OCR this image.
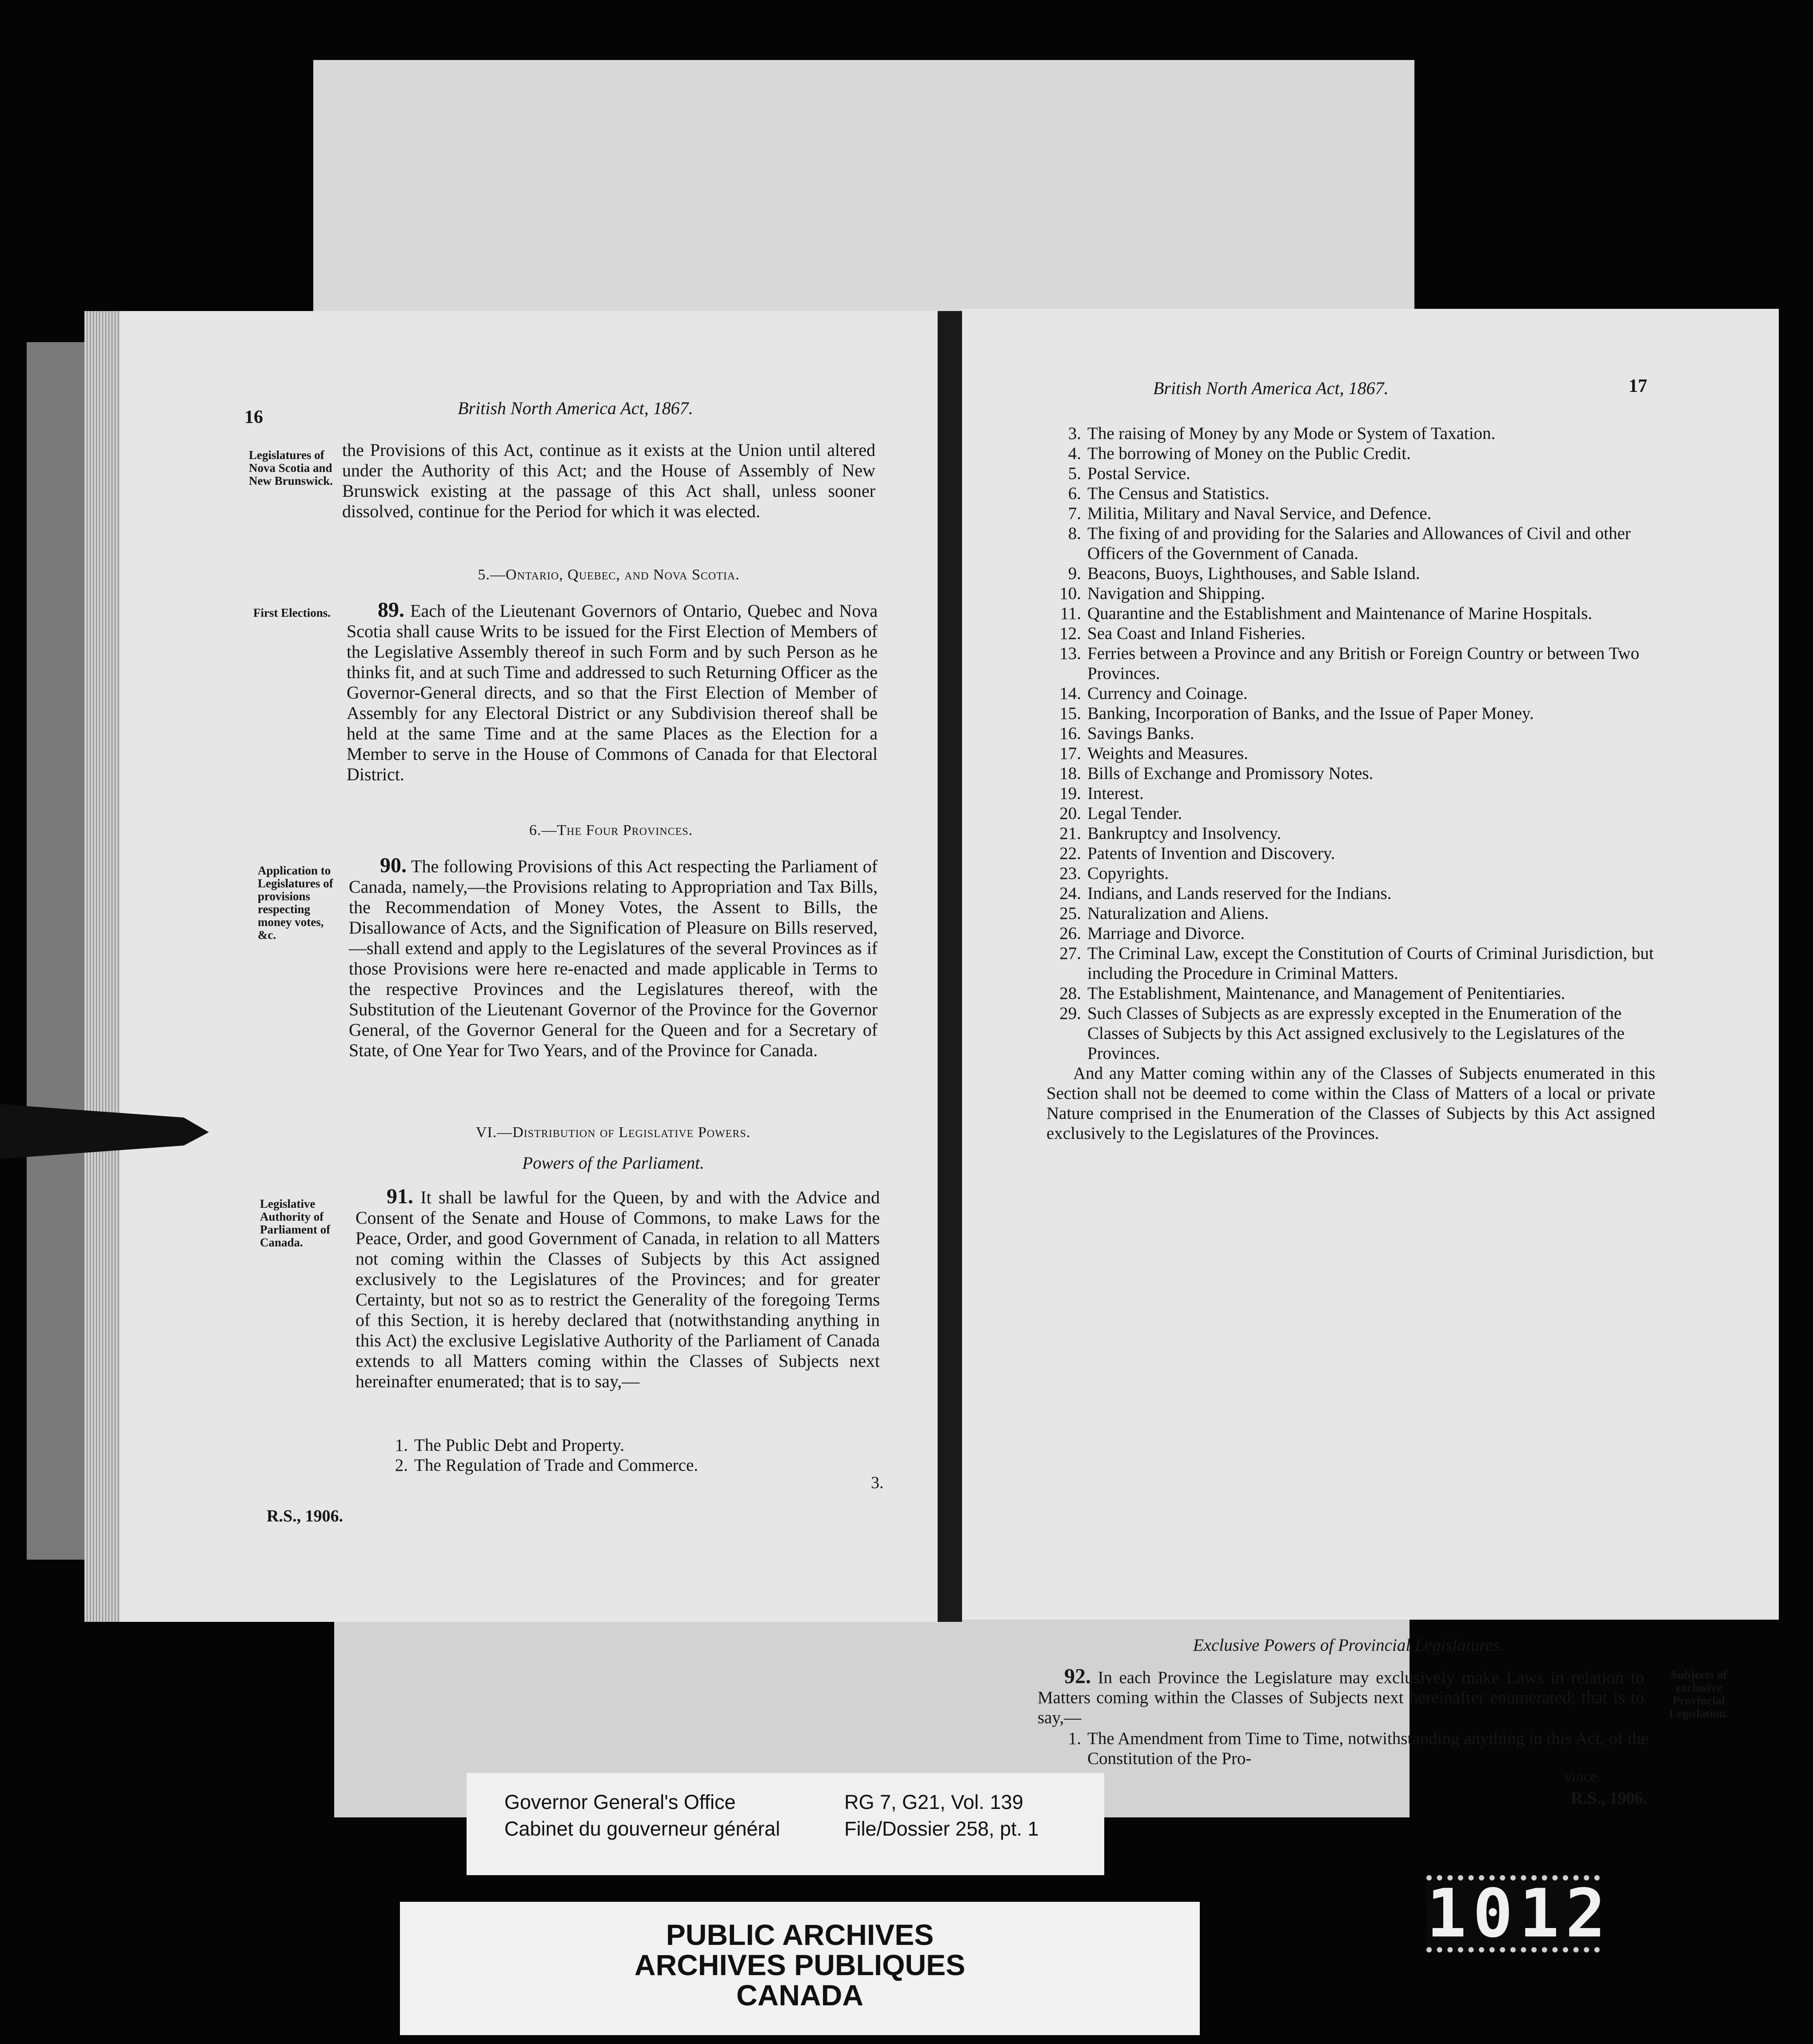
16	British North America Act, 1867.
Legislatures of Nova Scotia and New Brunswick.
the Provisions of this Act, continue as it exists at the Union until altered under the Authority of this Act; and the House of Assembly of New Brunswick existing at the passage of this Act shall, unless sooner dissolved, continue for the Period for which it was elected.
5.—Ontario, Quebec, and Nova Scotia.
First Elections.	89. Each of the Lieutenant Governors of Ontario, Quebec and Nova Scotia shall cause Writs to be issued for the First Election of Members of the Legislative Assembly thereof in such Form and by such Person as he thinks fit, and at such Time and addressed to such Returning Officer as the Governor-General directs, and so that the First Election of Member of Assembly for any Electoral District or any Subdivision thereof shall be held at the same Time and at the same Places as the Election for a Member to serve in the House of Commons of Canada for that Electoral District.
6.—The Four Provinces.
Application to Legislatures of provisions respecting money votes, &c.
90. The following Provisions of this Act respecting the Parliament of Canada, namely,—the Provisions relating to Appropriation and Tax Bills, the Recommendation of Money Votes, the Assent to Bills, the Disallowance of Acts, and the Signification of Pleasure on Bills reserved,—shall extend and apply to the Legislatures of the several Provinces as if those Provisions were here re-enacted and made applicable in Terms to the respective Provinces and the Legislatures thereof, with the Substitution of the Lieutenant Governor of the Province for the Governor General, of the Governor General for the Queen and for a Secretary of State, of One Year for Two Years, and of the Province for Canada.
VI.—Distribution of Legislative Powers.
Powers of the Parliament.
Legislative Authority of Parliament of Canada.
91. It shall be lawful for the Queen, by and with the Advice and Consent of the Senate and House of Commons, to make Laws for the Peace, Order, and good Government of Canada, in relation to all Matters not coming within the Classes of Subjects by this Act assigned exclusively to the Legislatures of the Provinces; and for greater Certainty, but not so as to restrict the Generality of the foregoing Terms of this Section, it is hereby declared that (notwithstanding anything in this Act) the exclusive Legislative Authority of the Parliament of Canada extends to all Matters coming within the Classes of Subjects next hereinafter enumerated; that is to say,—
1. The Public Debt and Property.
2. The Regulation of Trade and Commerce.
3.
R.S., 1906.
British North America Act, 1867.	17
3. The raising of Money by any Mode or System of Taxation.
4. The borrowing of Money on the Public Credit.
5. Postal Service.
6. The Census and Statistics.
7. Militia, Military and Naval Service, and Defence.
8. The fixing of and providing for the Salaries and Allowances of Civil and other Officers of the Government of Canada.
9. Beacons, Buoys, Lighthouses, and Sable Island.
10. Navigation and Shipping.
11. Quarantine and the Establishment and Maintenance of Marine Hospitals.
12. Sea Coast and Inland Fisheries.
13. Ferries between a Province and any British or Foreign Country or between Two Provinces.
14. Currency and Coinage.
15. Banking, Incorporation of Banks, and the Issue of Paper Money.
16. Savings Banks.
17. Weights and Measures.
18. Bills of Exchange and Promissory Notes.
19. Interest.
20. Legal Tender.
21. Bankruptcy and Insolvency.
22. Patents of Invention and Discovery.
23. Copyrights.
24. Indians, and Lands reserved for the Indians.
25. Naturalization and Aliens.
26. Marriage and Divorce.
27. The Criminal Law, except the Constitution of Courts of Criminal Jurisdiction, but including the Procedure in Criminal Matters.
28. The Establishment, Maintenance, and Management of Penitentiaries.
29. Such Classes of Subjects as are expressly excepted in the Enumeration of the Classes of Subjects by this Act assigned exclusively to the Legislatures of the Provinces.
And any Matter coming within any of the Classes of Subjects enumerated in this Section shall not be deemed to come within the Class of Matters of a local or private Nature comprised in the Enumeration of the Classes of Subjects by this Act assigned exclusively to the Legislatures of the Provinces.
Exclusive Powers of Provincial Legislatures.
92. In each Province the Legislature may exclusively make Laws in relation to Matters coming within the Classes of Subjects next hereinafter enumerated; that is to say,—
Subjects of exclusive Provincial Legislation.
1. The Amendment from Time to Time, notwithstanding anything in this Act, of the Constitution of the Pro-
vince
R.S., 1906.
Governor General's Office
Cabinet du gouverneur général
RG 7, G21, Vol. 139
File/Dossier 258, pt. 1
PUBLIC ARCHIVES
ARCHIVES PUBLIQUES
CANADA
1012
